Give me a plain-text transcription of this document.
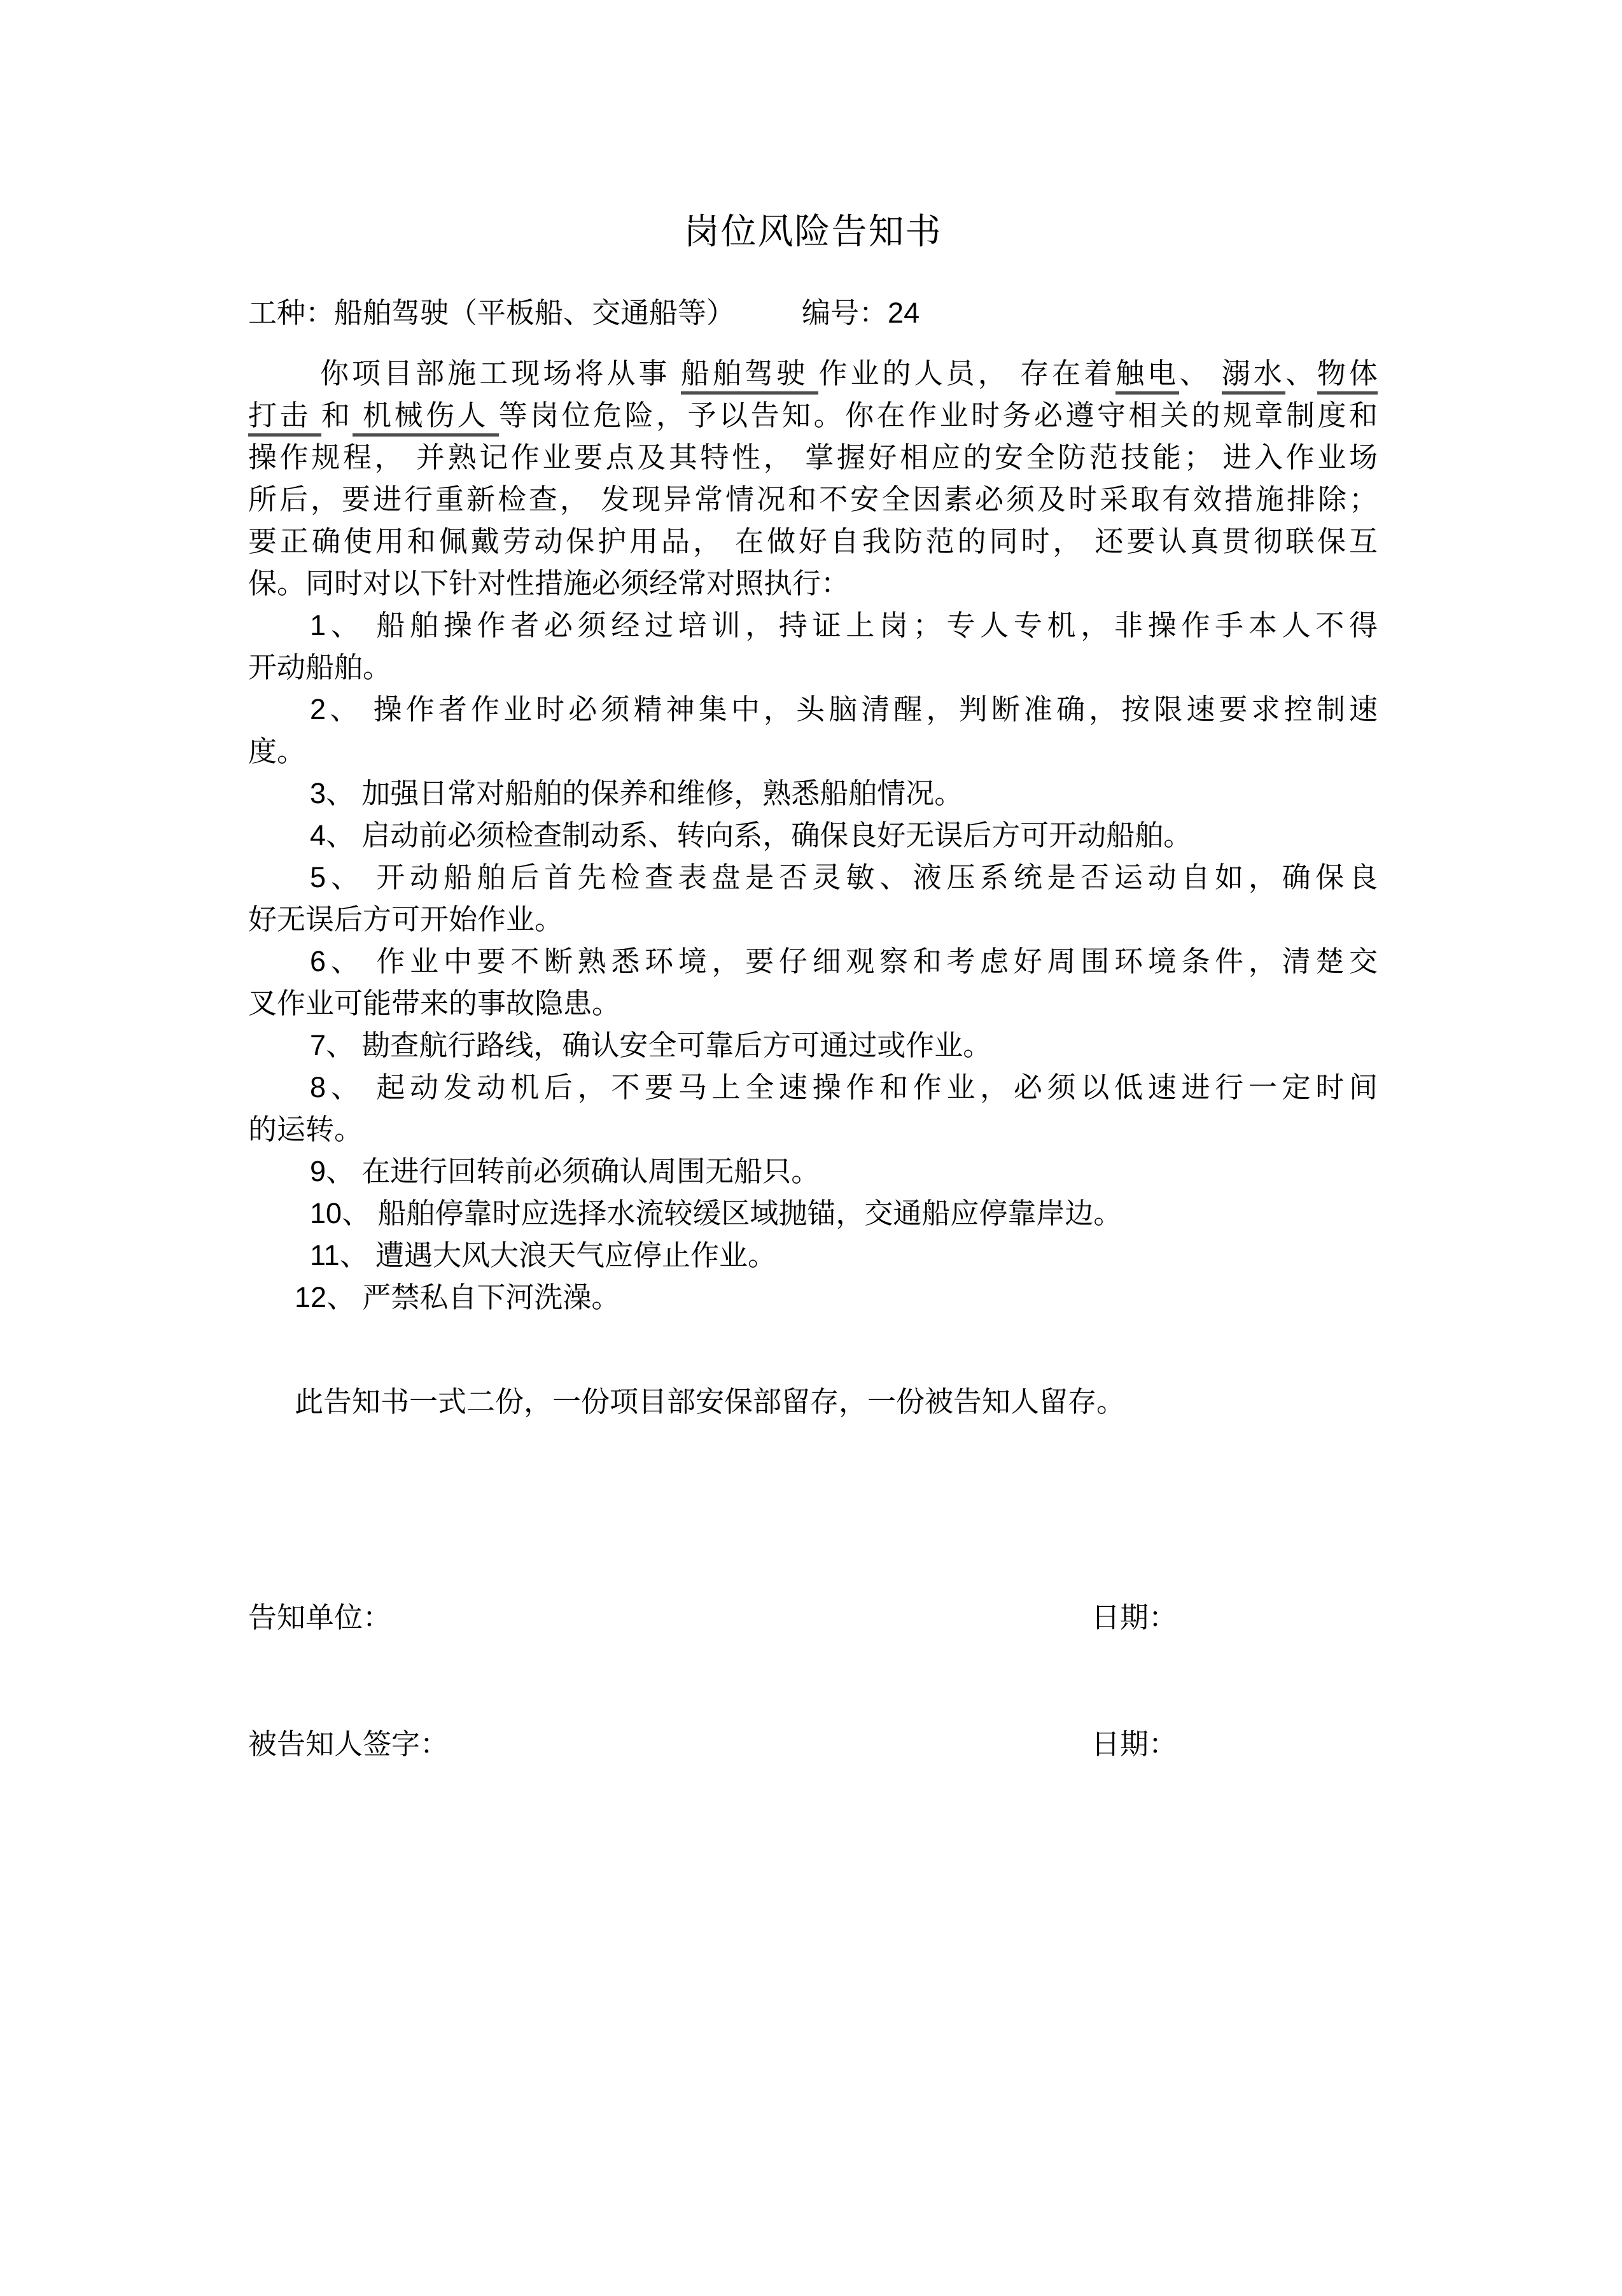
岗位风险告知书
工种：船舶驾驶（平板船、交通船等） 编号：24
你项目部施工现场将从事 船舶驾驶 作业的人员， 存在着触电、 溺水、物体
打击 和 机械伤人 等岗位危险，予以告知。你在作业时务必遵守相关的规章制度和
操作规程， 并熟记作业要点及其特性， 掌握好相应的安全防范技能； 进入作业场
所后，要进行重新检查， 发现异常情况和不安全因素必须及时采取有效措施排除；
要正确使用和佩戴劳动保护用品， 在做好自我防范的同时， 还要认真贯彻联保互
保。同时对以下针对性措施必须经常对照执行：
1、 船舶操作者必须经过培训，持证上岗；专人专机，非操作手本人不得
开动船舶。
2、 操作者作业时必须精神集中，头脑清醒，判断准确，按限速要求控制速
度。
3、 加强日常对船舶的保养和维修，熟悉船舶情况。
4、 启动前必须检查制动系、转向系，确保良好无误后方可开动船舶。
5、 开动船舶后首先检查表盘是否灵敏、液压系统是否运动自如，确保良
好无误后方可开始作业。
6、 作业中要不断熟悉环境，要仔细观察和考虑好周围环境条件，清楚交
叉作业可能带来的事故隐患。
7、 勘查航行路线，确认安全可靠后方可通过或作业。
8、 起动发动机后，不要马上全速操作和作业，必须以低速进行一定时间
的运转。
9、 在进行回转前必须确认周围无船只。
10、 船舶停靠时应选择水流较缓区域抛锚，交通船应停靠岸边。
11、 遭遇大风大浪天气应停止作业。
12、 严禁私自下河洗澡。
此告知书一式二份，一份项目部安保部留存，一份被告知人留存。
告知单位：	日期：
被告知人签字：	日期：
